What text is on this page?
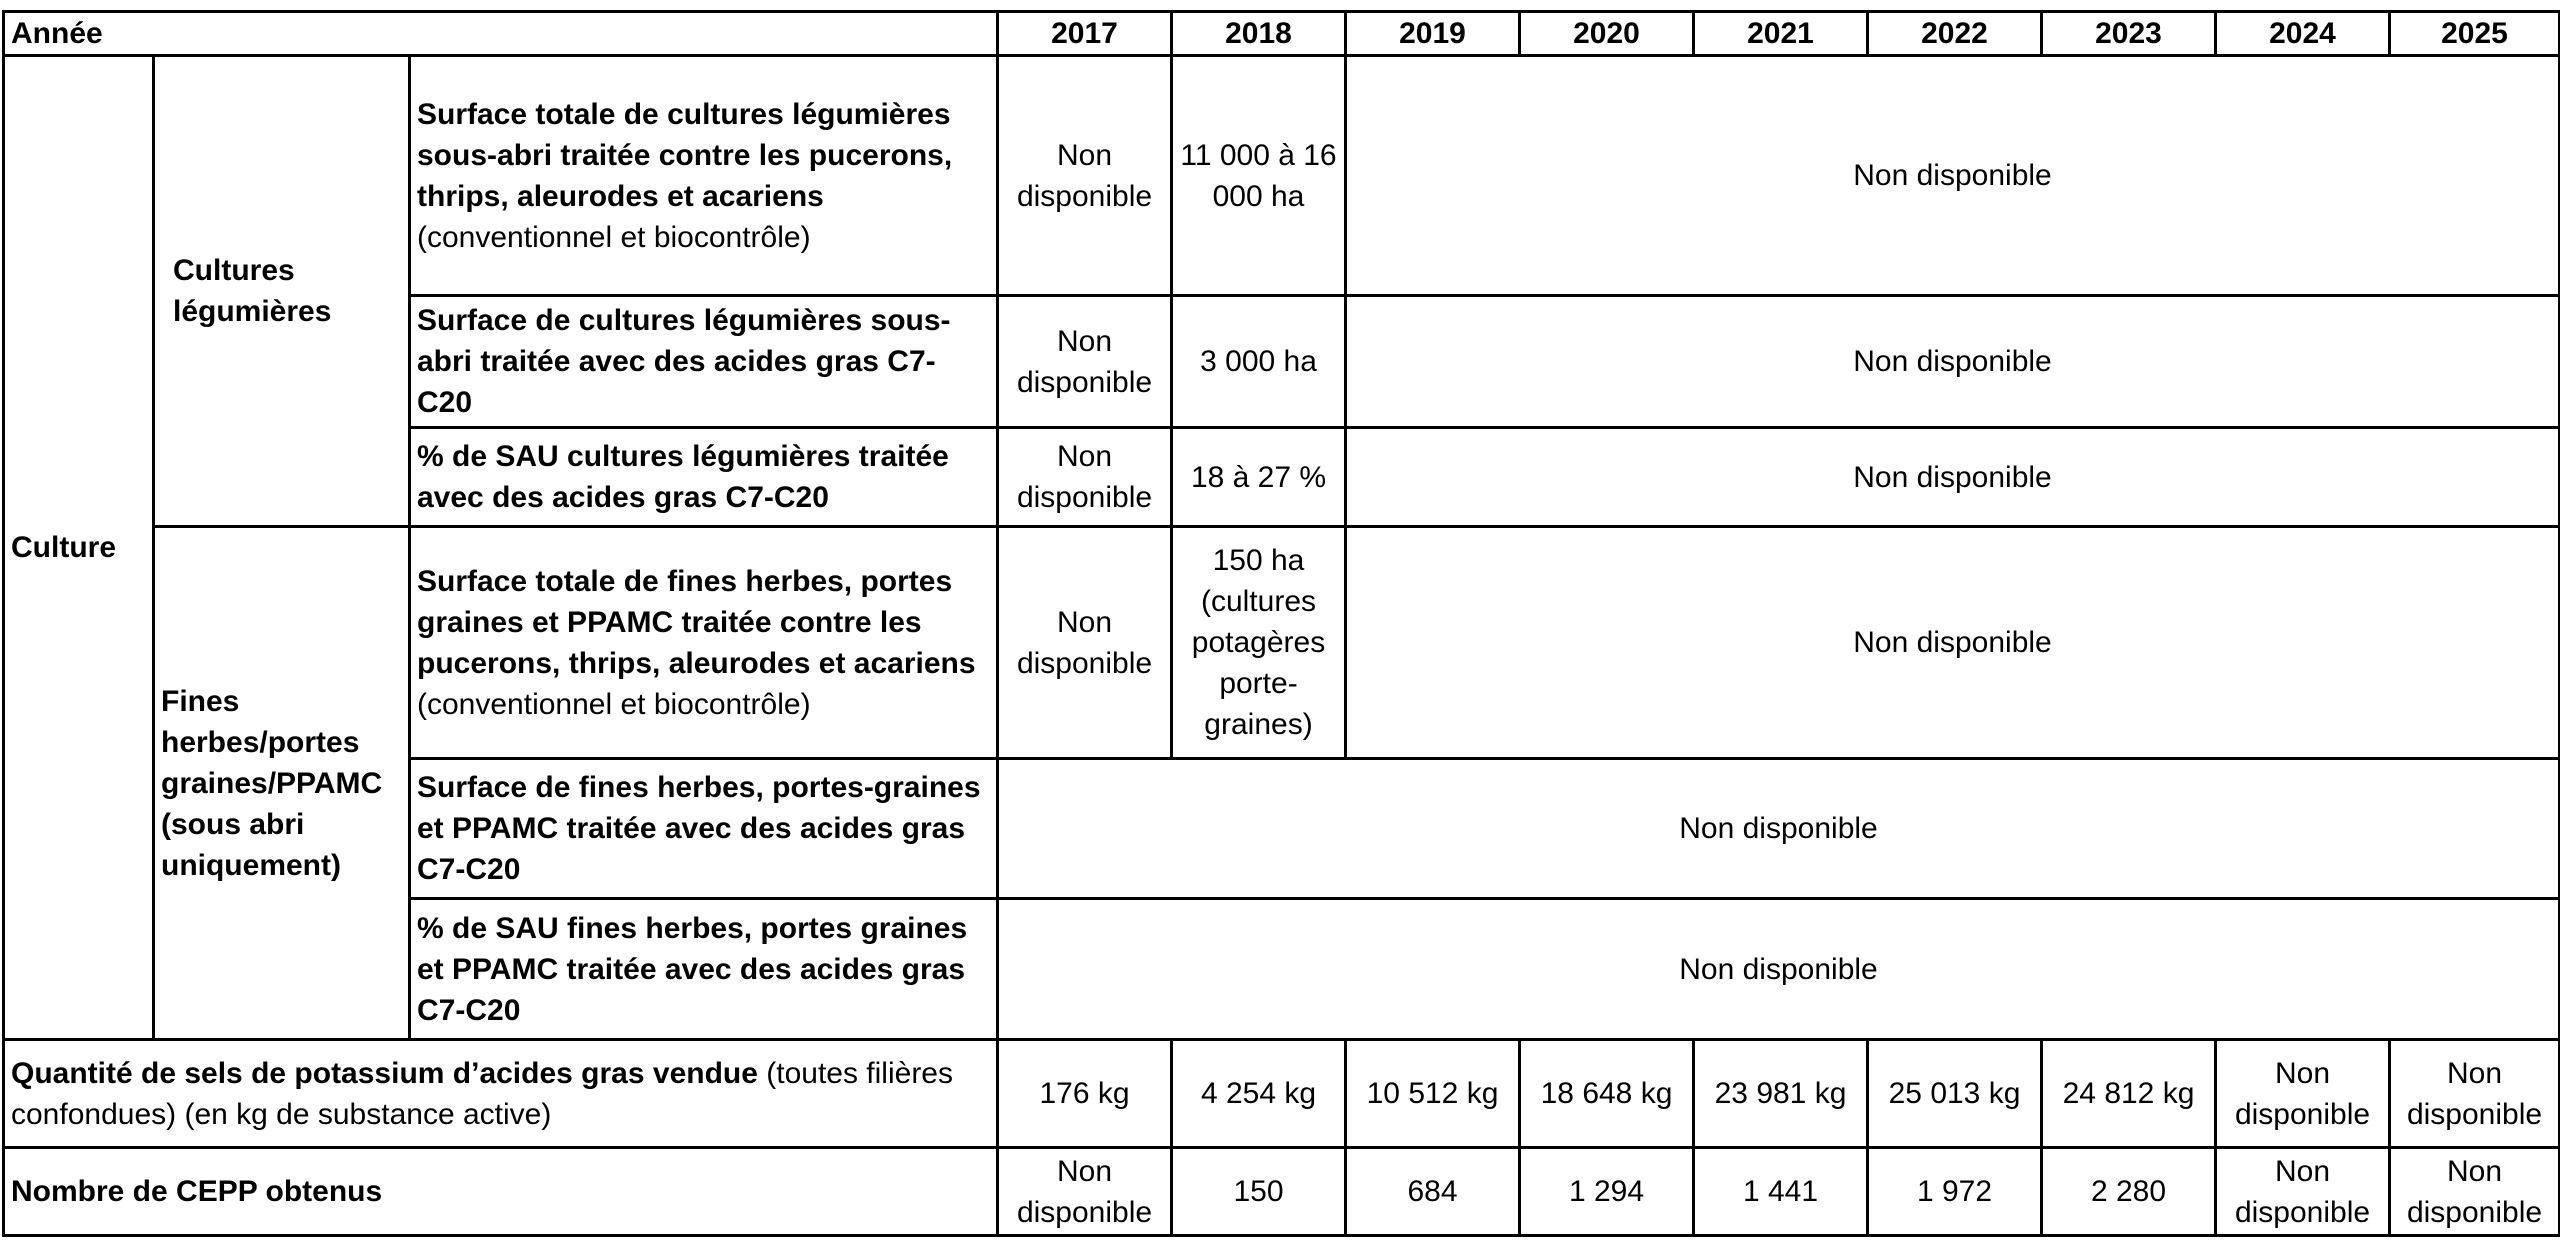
Année			2017	2018	2019	2020	2021	2022	2023	2024	2025
Culture	Cultures légumières	Surface totale de cultures légumières sous-abri traitée contre les pucerons, thrips, aleurodes et acariens (conventionnel et biocontrôle)	Non disponible	11 000 à 16 000 ha	Non disponible						
		Surface de cultures légumières sous-abri traitée avec des acides gras C7-C20	Non disponible	3 000 ha	Non disponible						
		% de SAU cultures légumières traitée avec des acides gras C7-C20	Non disponible	18 à 27 %	Non disponible						
	Fines herbes/portes graines/PPAMC (sous abri uniquement)	Surface totale de fines herbes, portes graines et PPAMC traitée contre les pucerons, thrips, aleurodes et acariens (conventionnel et biocontrôle)	Non disponible	150 ha (cultures potagères porte-graines)	Non disponible						
		Surface de fines herbes, portes-graines et PPAMC traitée avec des acides gras C7-C20	Non disponible								
		% de SAU fines herbes, portes graines et PPAMC traitée avec des acides gras C7-C20	Non disponible								
Quantité de sels de potassium d’acides gras vendue (toutes filières confondues) (en kg de substance active)			176 kg	4 254 kg	10 512 kg	18 648 kg	23 981 kg	25 013 kg	24 812 kg	Non disponible	Non disponible
Nombre de CEPP obtenus			Non disponible	150	684	1 294	1 441	1 972	2 280	Non disponible	Non disponible
